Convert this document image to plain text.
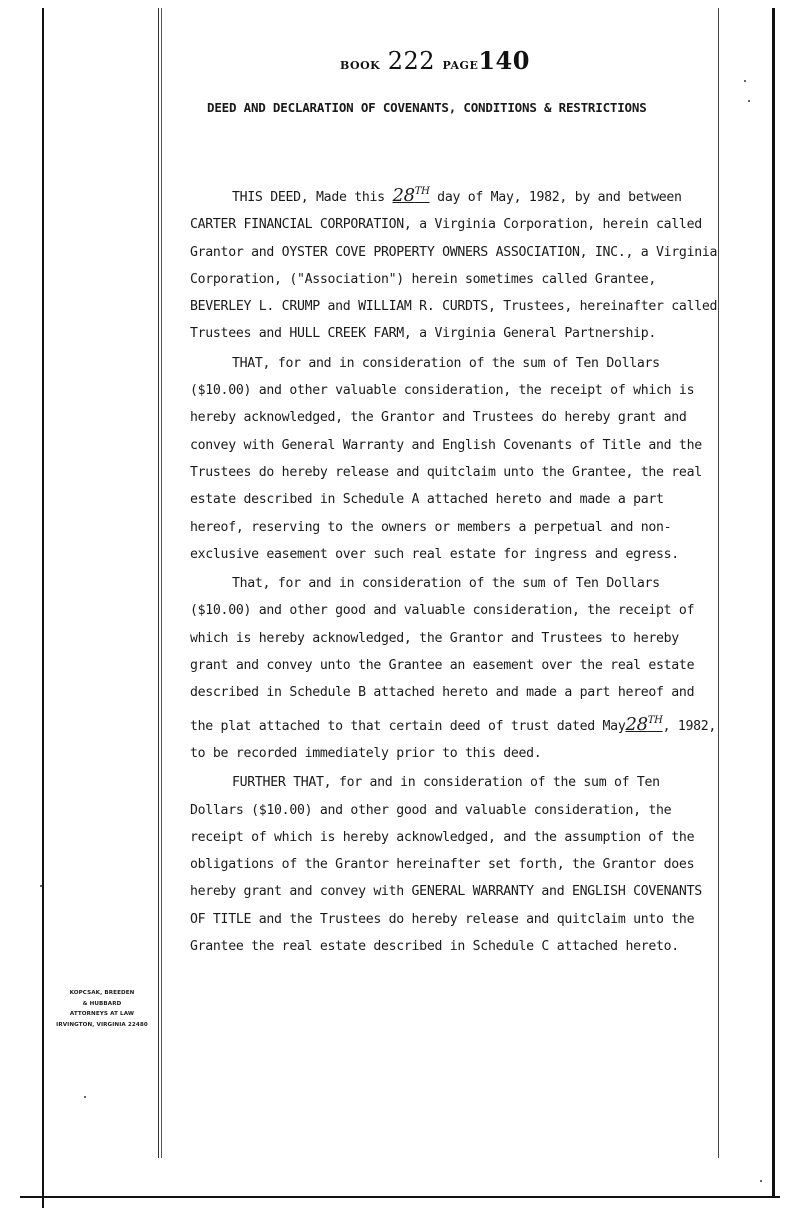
BOOK 222 PAGE140
DEED AND DECLARATION OF COVENANTS, CONDITIONS & RESTRICTIONS

THIS DEED, Made this 28TH day of May, 1982, by and between CARTER FINANCIAL CORPORATION, a Virginia Corporation, herein called Grantor and OYSTER COVE PROPERTY OWNERS ASSOCIATION, INC., a Virginia Corporation, ("Association") herein sometimes called Grantee, BEVERLEY L. CRUMP and WILLIAM R. CURDTS, Trustees, hereinafter called Trustees and HULL CREEK FARM, a Virginia General Partnership.

THAT, for and in consideration of the sum of Ten Dollars ($10.00) and other valuable consideration, the receipt of which is hereby acknowledged, the Grantor and Trustees do hereby grant and convey with General Warranty and English Covenants of Title and the Trustees do hereby release and quitclaim unto the Grantee, the real estate described in Schedule A attached hereto and made a part hereof, reserving to the owners or members a perpetual and non-exclusive easement over such real estate for ingress and egress.

That, for and in consideration of the sum of Ten Dollars ($10.00) and other good and valuable consideration, the receipt of which is hereby acknowledged, the Grantor and Trustees to hereby grant and convey unto the Grantee an easement over the real estate described in Schedule B attached hereto and made a part hereof and the plat attached to that certain deed of trust dated May28TH, 1982, to be recorded immediately prior to this deed.

FURTHER THAT, for and in consideration of the sum of Ten Dollars ($10.00) and other good and valuable consideration, the receipt of which is hereby acknowledged, and the assumption of the obligations of the Grantor hereinafter set forth, the Grantor does hereby grant and convey with GENERAL WARRANTY and ENGLISH COVENANTS OF TITLE and the Trustees do hereby release and quitclaim unto the Grantee the real estate described in Schedule C attached hereto.

KOPCSAK, BREEDEN
& HUBBARD
ATTORNEYS AT LAW
IRVINGTON, VIRGINIA 22480
